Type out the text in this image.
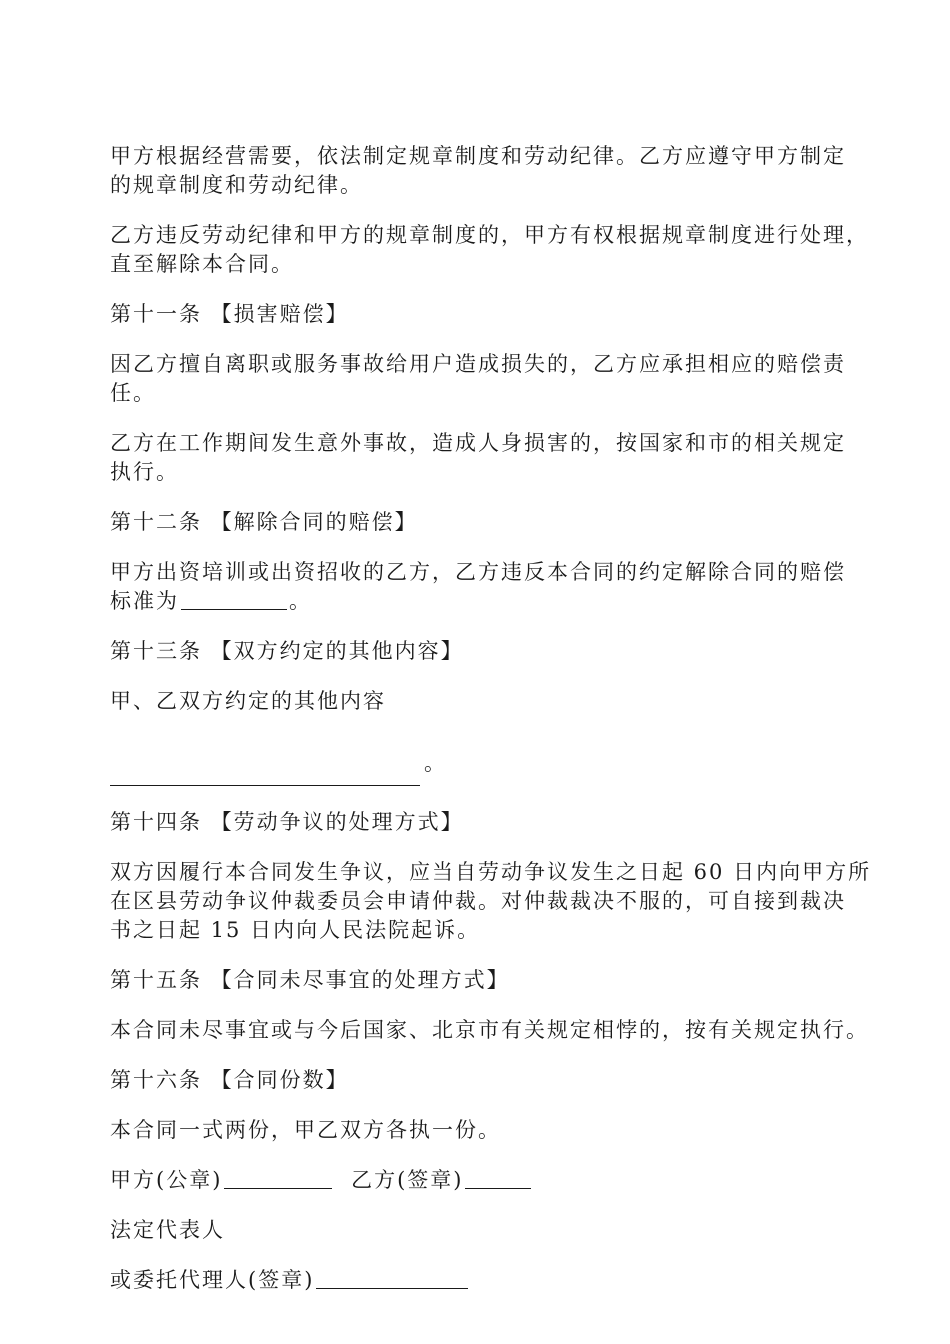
甲方根据经营需要，依法制定规章制度和劳动纪律。乙方应遵守甲方制定
的规章制度和劳动纪律。

乙方违反劳动纪律和甲方的规章制度的，甲方有权根据规章制度进行处理，
直至解除本合同。

第十一条 【损害赔偿】

因乙方擅自离职或服务事故给用户造成损失的，乙方应承担相应的赔偿责
任。

乙方在工作期间发生意外事故，造成人身损害的，按国家和市的相关规定
执行。

第十二条 【解除合同的赔偿】

甲方出资培训或出资招收的乙方，乙方违反本合同的约定解除合同的赔偿
标准为	。

第十三条 【双方约定的其他内容】

甲、乙双方约定的其他内容

。

第十四条 【劳动争议的处理方式】

双方因履行本合同发生争议，应当自劳动争议发生之日起 60 日内向甲方所
在区县劳动争议仲裁委员会申请仲裁。对仲裁裁决不服的，可自接到裁决
书之日起 15 日内向人民法院起诉。

第十五条 【合同未尽事宜的处理方式】

本合同未尽事宜或与今后国家、北京市有关规定相悖的，按有关规定执行。

第十六条 【合同份数】

本合同一式两份，甲乙双方各执一份。

甲方(公章)	乙方(签章)

法定代表人

或委托代理人(签章)
